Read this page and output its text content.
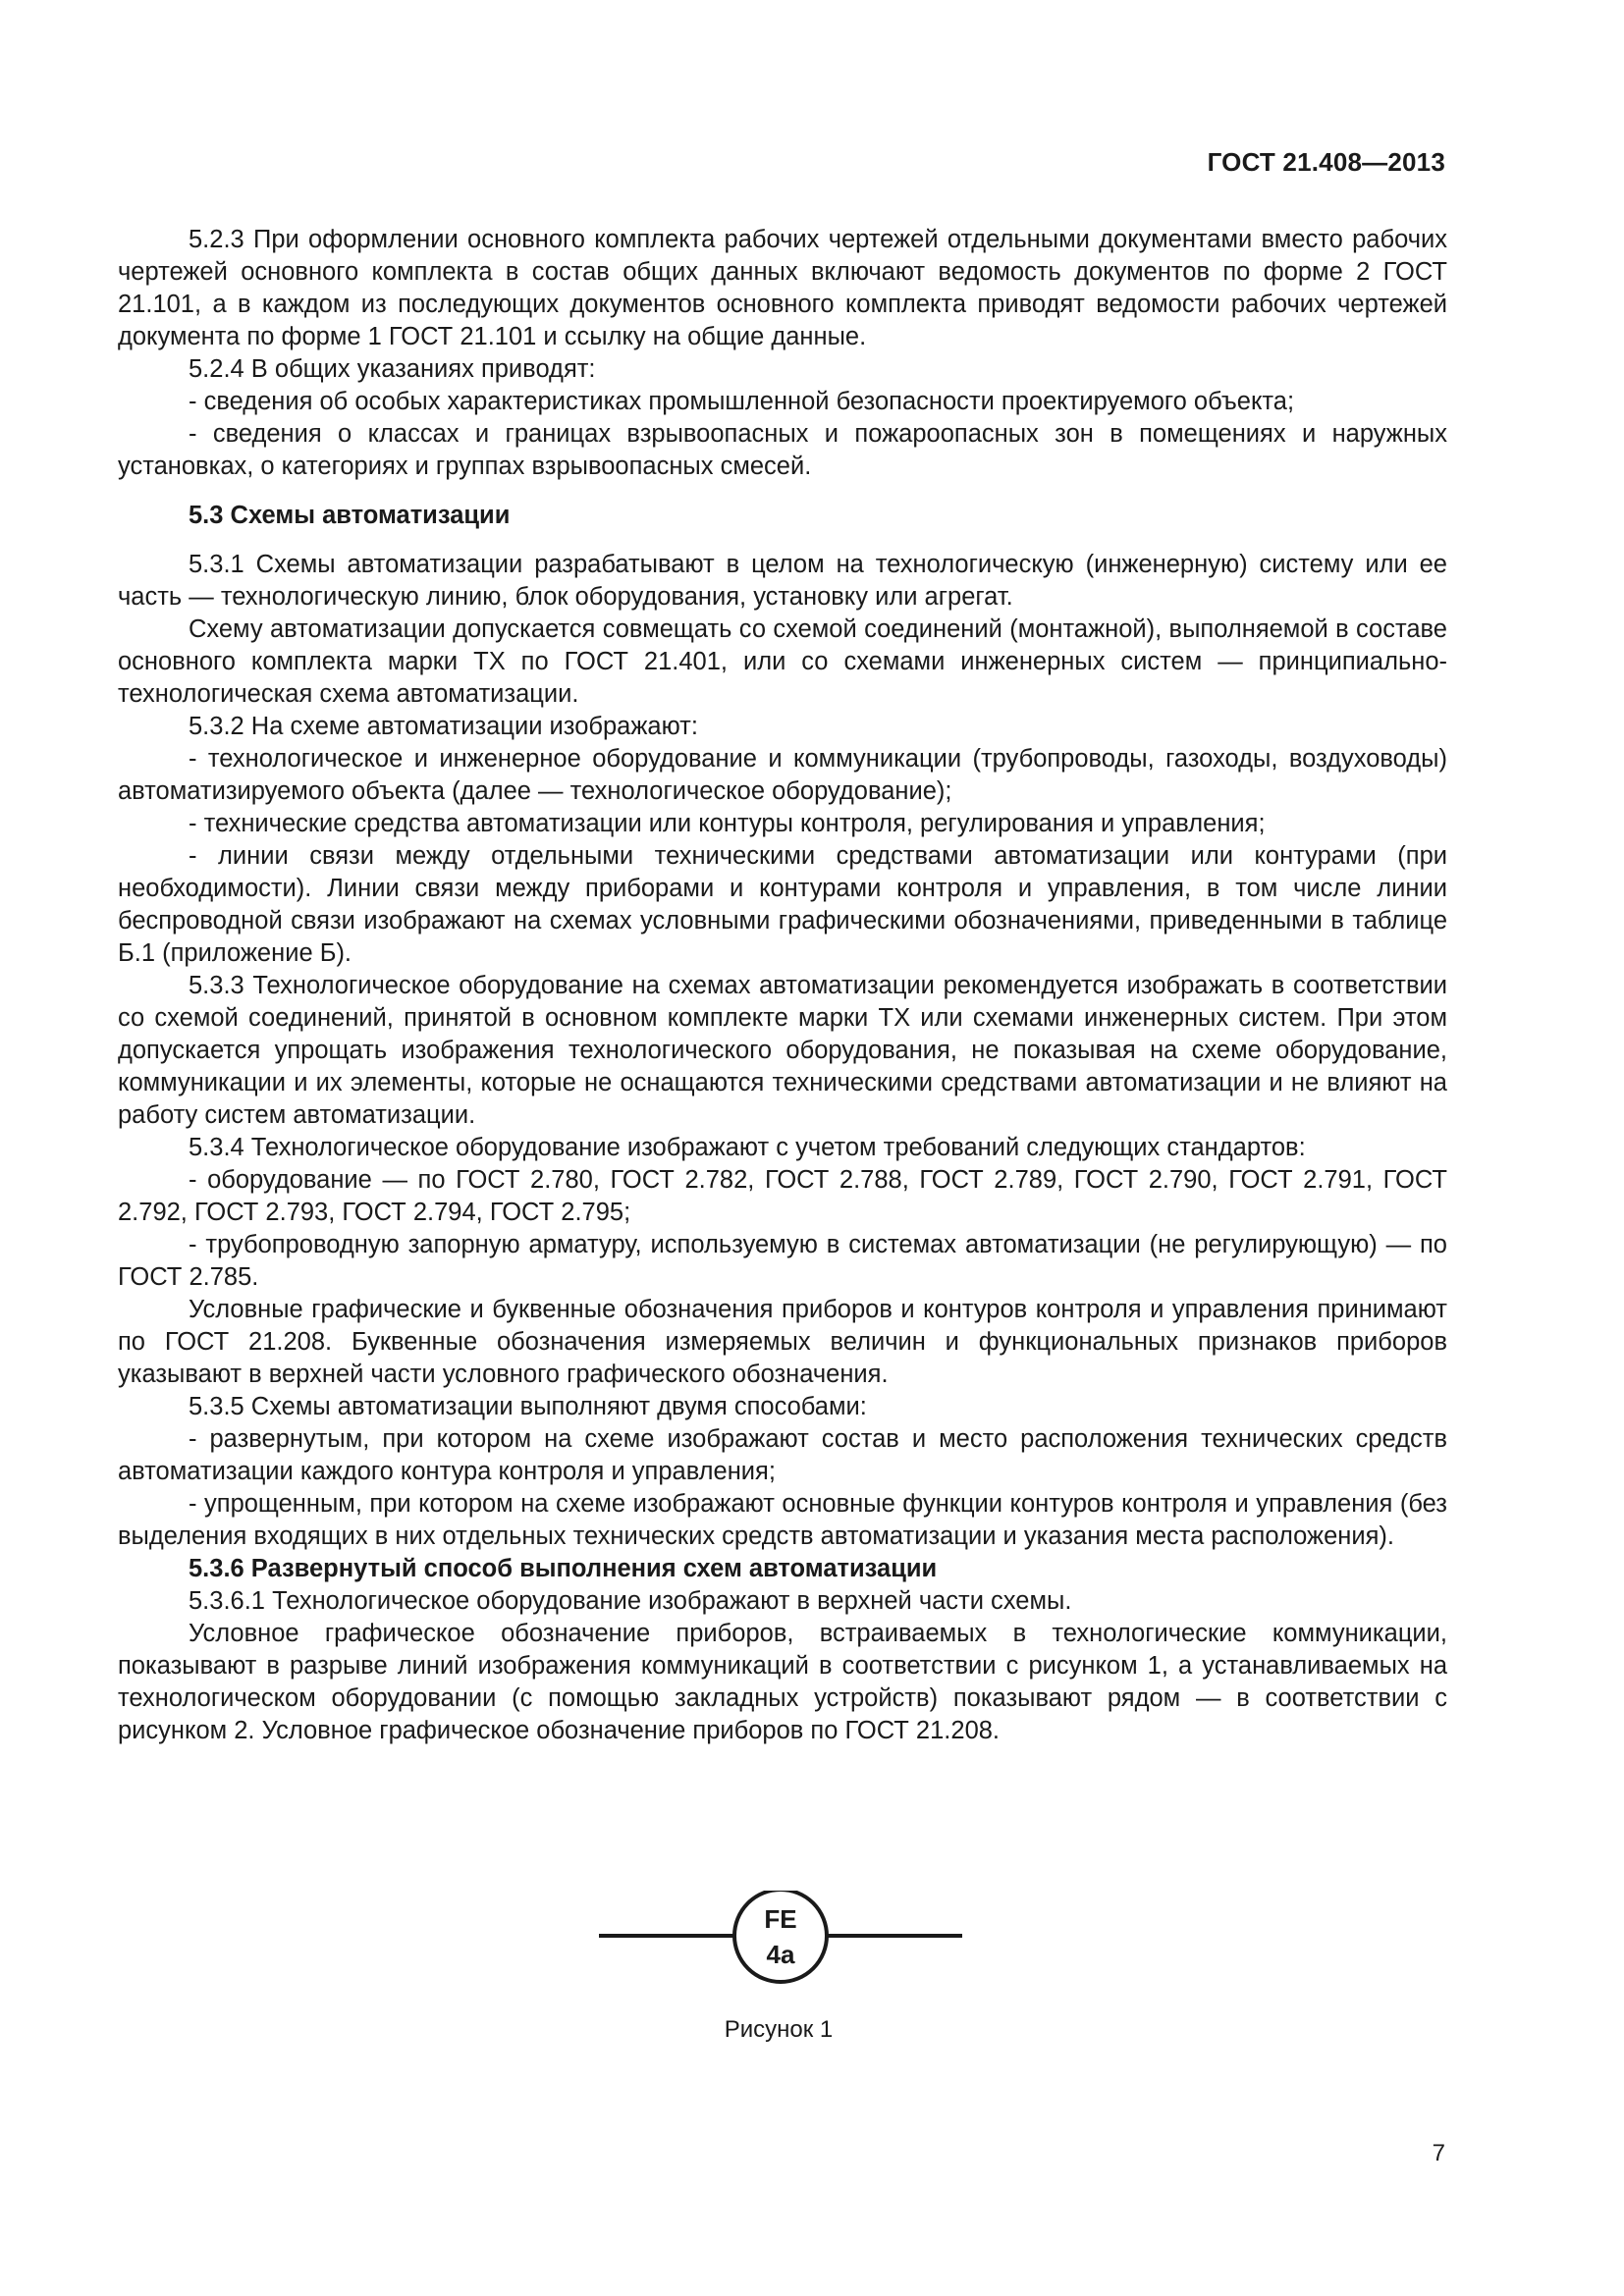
ГОСТ 21.408—2013

5.2.3 При оформлении основного комплекта рабочих чертежей отдельными документами вместо рабочих чертежей основного комплекта в состав общих данных включают ведомость документов по форме 2 ГОСТ 21.101, а в каждом из последующих документов основного комплекта приводят ведомости рабочих чертежей документа по форме 1 ГОСТ 21.101 и ссылку на общие данные.

5.2.4 В общих указаниях приводят:

- сведения об особых характеристиках промышленной безопасности проектируемого объекта;

- сведения о классах и границах взрывоопасных и пожароопасных зон в помещениях и наружных установках, о категориях и группах взрывоопасных смесей.

5.3 Схемы автоматизации

5.3.1 Схемы автоматизации разрабатывают в целом на технологическую (инженерную) систему или ее часть — технологическую линию, блок оборудования, установку или агрегат.

Схему автоматизации допускается совмещать со схемой соединений (монтажной), выполняемой в составе основного комплекта марки ТХ по ГОСТ 21.401, или со схемами инженерных систем — принципиально-технологическая схема автоматизации.

5.3.2 На схеме автоматизации изображают:

- технологическое и инженерное оборудование и коммуникации (трубопроводы, газоходы, воздуховоды) автоматизируемого объекта (далее — технологическое оборудование);

- технические средства автоматизации или контуры контроля, регулирования и управления;

- линии связи между отдельными техническими средствами автоматизации или контурами (при необходимости). Линии связи между приборами и контурами контроля и управления, в том числе линии беспроводной связи изображают на схемах условными графическими обозначениями, приведенными в таблице Б.1 (приложение Б).

5.3.3 Технологическое оборудование на схемах автоматизации рекомендуется изображать в соответствии со схемой соединений, принятой в основном комплекте марки ТХ или схемами инженерных систем. При этом допускается упрощать изображения технологического оборудования, не показывая на схеме оборудование, коммуникации и их элементы, которые не оснащаются техническими средствами автоматизации и не влияют на работу систем автоматизации.

5.3.4 Технологическое оборудование изображают с учетом требований следующих стандартов:

- оборудование — по ГОСТ 2.780, ГОСТ 2.782, ГОСТ 2.788, ГОСТ 2.789, ГОСТ 2.790, ГОСТ 2.791, ГОСТ 2.792, ГОСТ 2.793, ГОСТ 2.794, ГОСТ 2.795;

- трубопроводную запорную арматуру, используемую в системах автоматизации (не регулирующую) — по ГОСТ 2.785.

Условные графические и буквенные обозначения приборов и контуров контроля и управления принимают по ГОСТ 21.208. Буквенные обозначения измеряемых величин и функциональных признаков приборов указывают в верхней части условного графического обозначения.

5.3.5 Схемы автоматизации выполняют двумя способами:

- развернутым, при котором на схеме изображают состав и место расположения технических средств автоматизации каждого контура контроля и управления;

- упрощенным, при котором на схеме изображают основные функции контуров контроля и управления (без выделения входящих в них отдельных технических средств автоматизации и указания места расположения).

5.3.6 Развернутый способ выполнения схем автоматизации

5.3.6.1 Технологическое оборудование изображают в верхней части схемы.

Условное графическое обозначение приборов, встраиваемых в технологические коммуникации, показывают в разрыве линий изображения коммуникаций в соответствии с рисунком 1, а устанавливаемых на технологическом оборудовании (с помощью закладных устройств) показывают рядом — в соответствии с рисунком 2. Условное графическое обозначение приборов по ГОСТ 21.208.

FE
4a
Рисунок 1
7
